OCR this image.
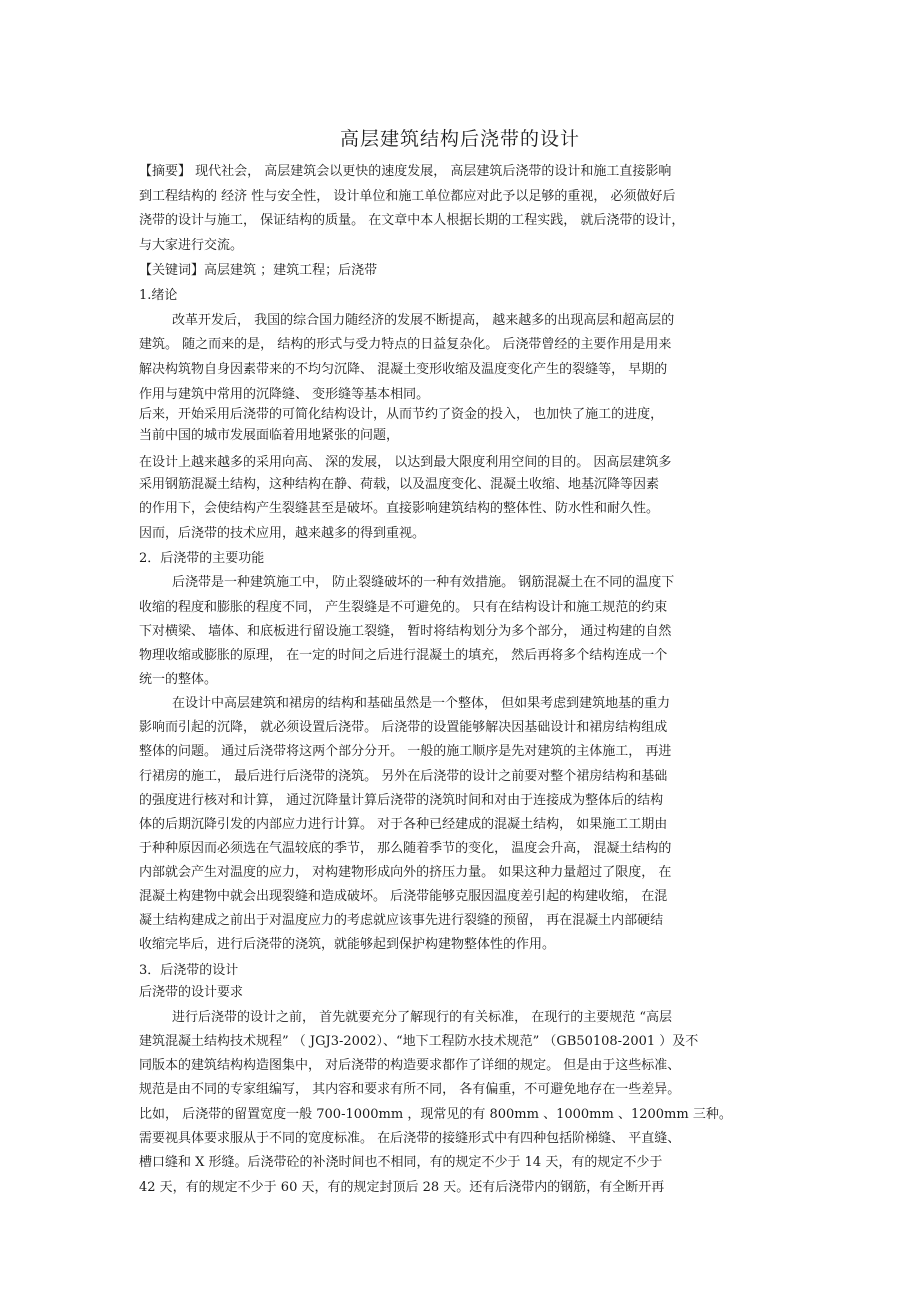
高层建筑结构后浇带的设计
【摘要】 现代社会， 高层建筑会以更快的速度发展， 高层建筑后浇带的设计和施工直接影响
到工程结构的 经济 性与安全性， 设计单位和施工单位都应对此予以足够的重视， 必须做好后
浇带的设计与施工， 保证结构的质量。 在文章中本人根据长期的工程实践， 就后浇带的设计，
与大家进行交流。
【关键词】高层建筑 ；建筑工程；后浇带
1.绪论
改革开发后， 我国的综合国力随经济的发展不断提高， 越来越多的出现高层和超高层的
建筑。 随之而来的是， 结构的形式与受力特点的日益复杂化。 后浇带曾经的主要作用是用来
解决构筑物自身因素带来的不均匀沉降、 混凝土变形收缩及温度变化产生的裂缝等， 早期的
作用与建筑中常用的沉降缝、 变形缝等基本相同。
后来，开始采用后浇带的可简化结构设计，从而节约了资金的投入， 也加快了施工的进度，
当前中国的城市发展面临着用地紧张的问题，
在设计上越来越多的采用向高、 深的发展， 以达到最大限度利用空间的目的。 因高层建筑多
采用钢筋混凝土结构，这种结构在静、荷载，以及温度变化、混凝土收缩、地基沉降等因素
的作用下，会使结构产生裂缝甚至是破坏。直接影响建筑结构的整体性、防水性和耐久性。
因而，后浇带的技术应用，越来越多的得到重视。
2．后浇带的主要功能
后浇带是一种建筑施工中， 防止裂缝破坏的一种有效措施。 钢筋混凝土在不同的温度下
收缩的程度和膨胀的程度不同， 产生裂缝是不可避免的。 只有在结构设计和施工规范的约束
下对横梁、 墙体、和底板进行留设施工裂缝， 暂时将结构划分为多个部分， 通过构建的自然
物理收缩或膨胀的原理， 在一定的时间之后进行混凝土的填充， 然后再将多个结构连成一个
统一的整体。
在设计中高层建筑和裙房的结构和基础虽然是一个整体， 但如果考虑到建筑地基的重力
影响而引起的沉降， 就必须设置后浇带。 后浇带的设置能够解决因基础设计和裙房结构组成
整体的问题。 通过后浇带将这两个部分分开。 一般的施工顺序是先对建筑的主体施工， 再进
行裙房的施工， 最后进行后浇带的浇筑。 另外在后浇带的设计之前要对整个裙房结构和基础
的强度进行核对和计算， 通过沉降量计算后浇带的浇筑时间和对由于连接成为整体后的结构
体的后期沉降引发的内部应力进行计算。 对于各种已经建成的混凝土结构， 如果施工工期由
于种种原因而必须选在气温较底的季节， 那么随着季节的变化， 温度会升高， 混凝土结构的
内部就会产生对温度的应力， 对构建物形成向外的挤压力量。 如果这种力量超过了限度， 在
混凝土构建物中就会出现裂缝和造成破坏。 后浇带能够克服因温度差引起的构建收缩， 在混
凝土结构建成之前出于对温度应力的考虑就应该事先进行裂缝的预留， 再在混凝土内部硬结
收缩完毕后，进行后浇带的浇筑，就能够起到保护构建物整体性的作用。
3．后浇带的设计
后浇带的设计要求
进行后浇带的设计之前， 首先就要充分了解现行的有关标准， 在现行的主要规范 “高层
建筑混凝土结构技术规程” （ JGJ3-2002）、“地下工程防水技术规范” （GB50108-2001 ）及不
同版本的建筑结构构造图集中， 对后浇带的构造要求都作了详细的规定。 但是由于这些标准、
规范是由不同的专家组编写， 其内容和要求有所不同， 各有偏重，不可避免地存在一些差异。
比如， 后浇带的留置宽度一般 700-1000mm ，现常见的有 800mm 、1000mm 、1200mm 三种。
需要视具体要求服从于不同的宽度标准。 在后浇带的接缝形式中有四种包括阶梯缝、 平直缝、
槽口缝和 X 形缝。后浇带砼的补浇时间也不相同，有的规定不少于 14 天，有的规定不少于
42 天，有的规定不少于 60 天，有的规定封顶后 28 天。还有后浇带内的钢筋，有全断开再
